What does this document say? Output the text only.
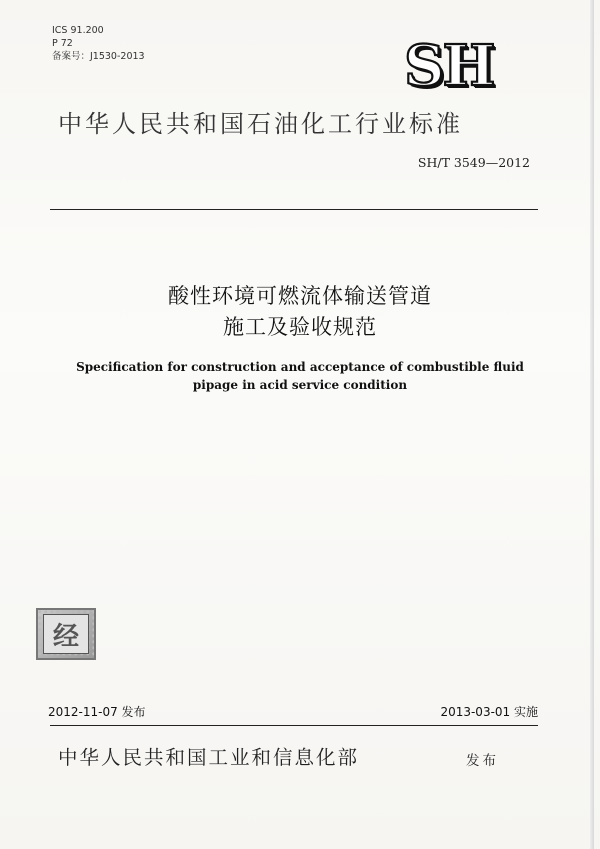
ICS 91.200
P 72
备案号：J1530-2013	SH
中华人民共和国石油化工行业标准
SH/T 3549—2012
酸性环境可燃流体输送管道
施工及验收规范
Specification for construction and acceptance of combustible fluid
pipage in acid service condition
经
2012-11-07 发布	2013-03-01 实施
中华人民共和国工业和信息化部	发布
